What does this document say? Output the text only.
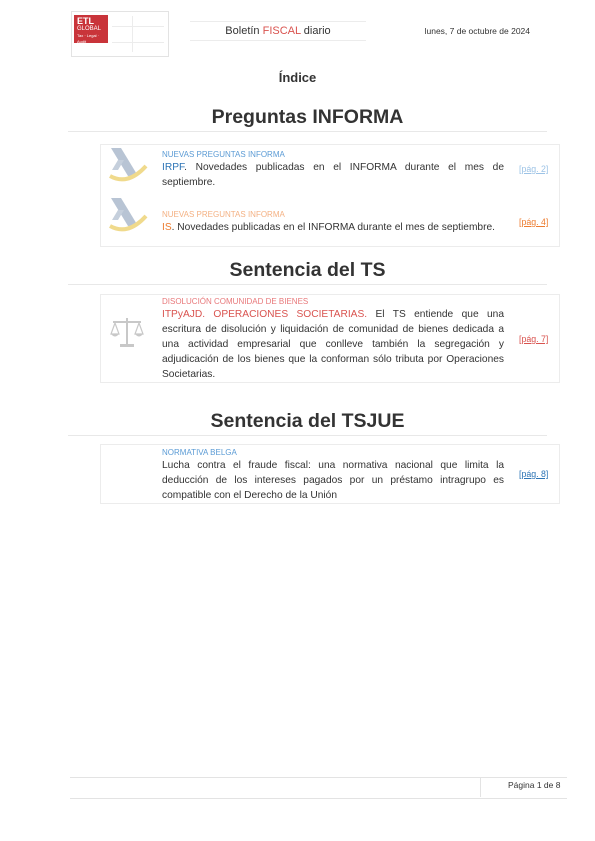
ETL
GLOBAL
Tax · Legal · Audit
Boletín FISCAL diario	lunes, 7 de octubre de 2024
Índice
Preguntas INFORMA
NUEVAS PREGUNTAS INFORMA
IRPF. Novedades publicadas en el INFORMA durante el mes de septiembre.
[pág. 2]
NUEVAS PREGUNTAS INFORMA
IS. Novedades publicadas en el INFORMA durante el mes de septiembre.	[pág. 4]
Sentencia del TS
DISOLUCIÓN COMUNIDAD DE BIENES
ITPyAJD. OPERACIONES SOCIETARIAS. El TS entiende que una escritura de disolución y liquidación de comunidad de bienes dedicada a una actividad empresarial que conlleve también la segregación y adjudicación de los bienes que la conforman sólo tributa por Operaciones Societarias.
[pág. 7]
Sentencia del TSJUE
NORMATIVA BELGA
Lucha contra el fraude fiscal: una normativa nacional que limita la deducción de los intereses pagados por un préstamo intragrupo es compatible con el Derecho de la Unión
[pág. 8]
Página 1 de 8
